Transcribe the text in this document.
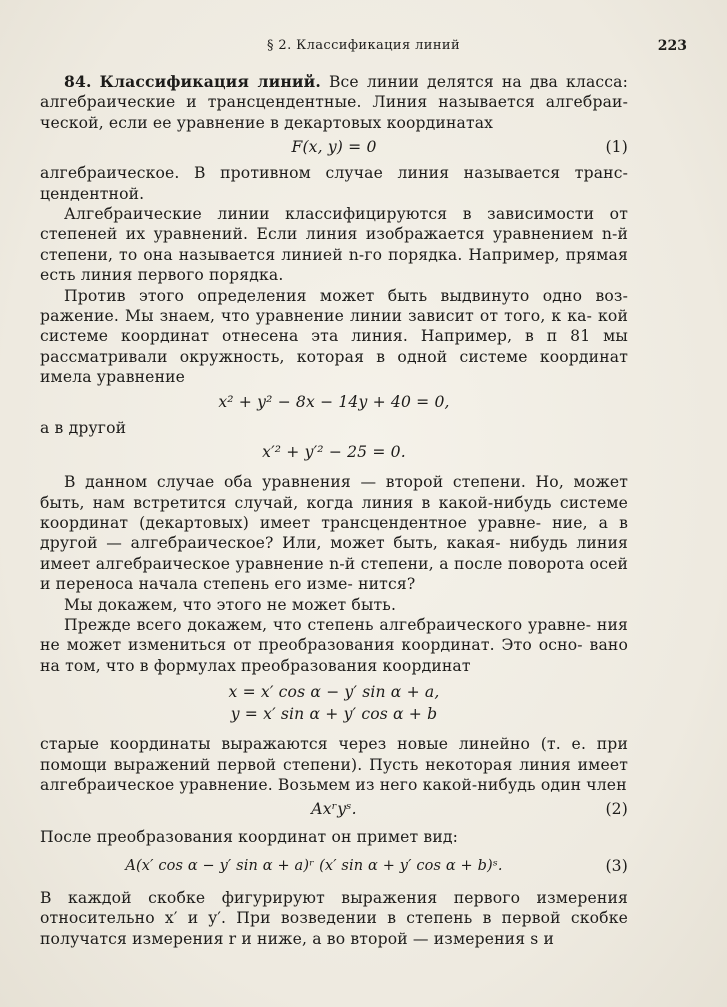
§ 2. Классификация линий	223

84. Классификация линий. Все линии делятся на два класса: алгебраические и трансцендентные. Линия называется алгебраи- ческой, если ее уравнение в декартовых координатах

F(x, y) = 0	(1)

алгебраическое. В противном случае линия называется транс- цендентной.

Алгебраические линии классифицируются в зависимости от степеней их уравнений. Если линия изображается уравнением n-й степени, то она называется линией n-го порядка. Например, прямая есть линия первого порядка.

Против этого определения может быть выдвинуто одно воз- ражение. Мы знаем, что уравнение линии зависит от того, к ка- кой системе координат отнесена эта линия. Например, в п 81 мы рассматривали окружность, которая в одной системе координат имела уравнение

x² + y² − 8x − 14y + 40 = 0,

а в другой

x′² + y′² − 25 = 0.

В данном случае оба уравнения — второй степени. Но, может быть, нам встретится случай, когда линия в какой-нибудь системе координат (декартовых) имеет трансцендентное уравне- ние, а в другой — алгебраическое? Или, может быть, какая- нибудь линия имеет алгебраическое уравнение n-й степени, а после поворота осей и переноса начала степень его изме- нится?

Мы докажем, что этого не может быть.

Прежде всего докажем, что степень алгебраического уравне- ния не может измениться от преобразования координат. Это осно- вано на том, что в формулах преобразования координат

x = x′ cos α − y′ sin α + a,
y = x′ sin α + y′ cos α + b

старые координаты выражаются через новые линейно (т. е. при помощи выражений первой степени). Пусть некоторая линия имеет алгебраическое уравнение. Возьмем из него какой-нибудь один член

Axʳyˢ.	(2)

После преобразования координат он примет вид:

A(x′ cos α − y′ sin α + a)ʳ (x′ sin α + y′ cos α + b)ˢ.	(3)

В каждой скобке фигурируют выражения первого измерения относительно x′ и y′. При возведении в степень в первой скобке получатся измерения r и ниже, а во второй — измерения s и
